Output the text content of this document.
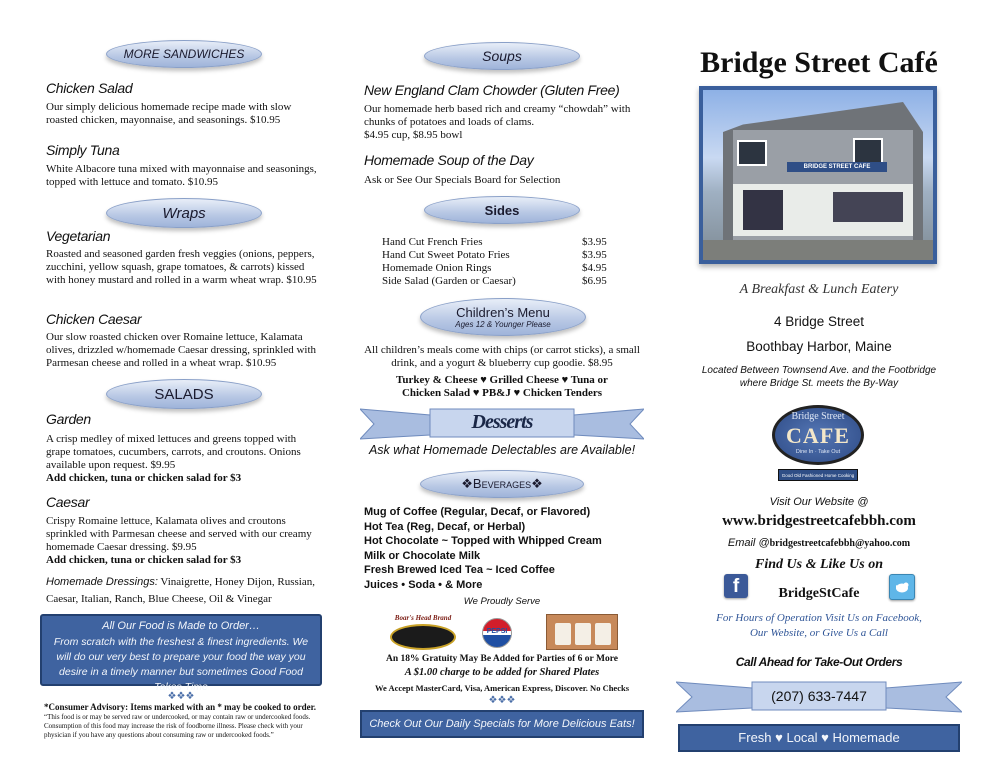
MORE SANDWICHES
Chicken Salad
Our simply delicious homemade recipe made with slow roasted chicken, mayonnaise, and seasonings. $10.95
Simply Tuna
White Albacore tuna mixed with mayonnaise and seasonings, topped with lettuce and tomato. $10.95
Wraps
Vegetarian
Roasted and seasoned garden fresh veggies (onions, peppers, zucchini, yellow squash, grape tomatoes, & carrots) kissed with honey mustard and rolled in a warm wheat wrap. $10.95
Chicken Caesar
Our slow roasted chicken over Romaine lettuce, Kalamata olives, drizzled w/homemade Caesar dressing, sprinkled with Parmesan cheese and rolled in a wheat wrap. $10.95
SALADS
Garden
A crisp medley of mixed lettuces and greens topped with grape tomatoes, cucumbers, carrots, and croutons. Onions available upon request. $9.95
Add chicken, tuna or chicken salad for $3
Caesar
Crispy Romaine lettuce, Kalamata olives and croutons sprinkled with Parmesan cheese and served with our creamy homemade Caesar dressing. $9.95
Add chicken, tuna or chicken salad for $3
Homemade Dressings: Vinaigrette, Honey Dijon, Russian, Caesar, Italian, Ranch, Blue Cheese, Oil & Vinegar
All Our Food is Made to Order…
From scratch with the freshest & finest ingredients. We will do our very best to prepare your food the way you desire in a timely manner but sometimes Good Food Takes Time
❖❖❖
*Consumer Advisory: Items marked with an * may be cooked to order.
“This food is or may be served raw or undercooked, or may contain raw or undercooked foods. Consumption of this food may increase the risk of foodborne illness. Please check with your physician if you have any questions about consuming raw or undercooked foods.”
Soups
New England Clam Chowder (Gluten Free)
Our homemade herb based rich and creamy “chowdah” with chunks of potatoes and loads of clams.
$4.95 cup, $8.95 bowl
Homemade Soup of the Day
Ask or See Our Specials Board for Selection
Sides
Hand Cut French Fries	$3.95
Hand Cut Sweet Potato Fries	$3.95
Homemade Onion Rings	$4.95
Side Salad (Garden or Caesar)	$6.95
Children’s Menu
Ages 12 & Younger Please
All children’s meals come with chips (or carrot sticks), a small drink, and a yogurt & blueberry cup goodie. $8.95
Turkey & Cheese ♥ Grilled Cheese ♥ Tuna or
Chicken Salad ♥ PB&J ♥ Chicken Tenders
Desserts
Ask what Homemade Delectables are Available!
❖Beverages❖
Mug of Coffee (Regular, Decaf, or Flavored)
Hot Tea (Reg, Decaf, or Herbal)
Hot Chocolate ~ Topped with Whipped Cream
Milk or Chocolate Milk
Fresh Brewed Iced Tea ~ Iced Coffee
Juices • Soda • & More
We Proudly Serve
Boar's Head Brand
PEPSI
An 18% Gratuity May Be Added for Parties of 6 or More
A $1.00 charge to be added for Shared Plates
We Accept MasterCard, Visa, American Express, Discover. No Checks
❖❖❖
Check Out Our Daily Specials for More Delicious Eats!
Bridge Street Café
BRIDGE STREET CAFE
A Breakfast & Lunch Eatery
4 Bridge Street
Boothbay Harbor, Maine
Located Between Townsend Ave. and the Footbridge
where Bridge St. meets the By-Way
Bridge Street
CAFE
Dine In · Take Out
Good Old Fashioned Home Cooking
Visit Our Website @
www.bridgestreetcafebbh.com
Email @bridgestreetcafebbh@yahoo.com
Find Us & Like Us on
f	BridgeStCafe
For Hours of Operation Visit Us on Facebook,
Our Website, or Give Us a Call
Call Ahead for Take-Out Orders
(207) 633-7447
Fresh ♥ Local ♥ Homemade
